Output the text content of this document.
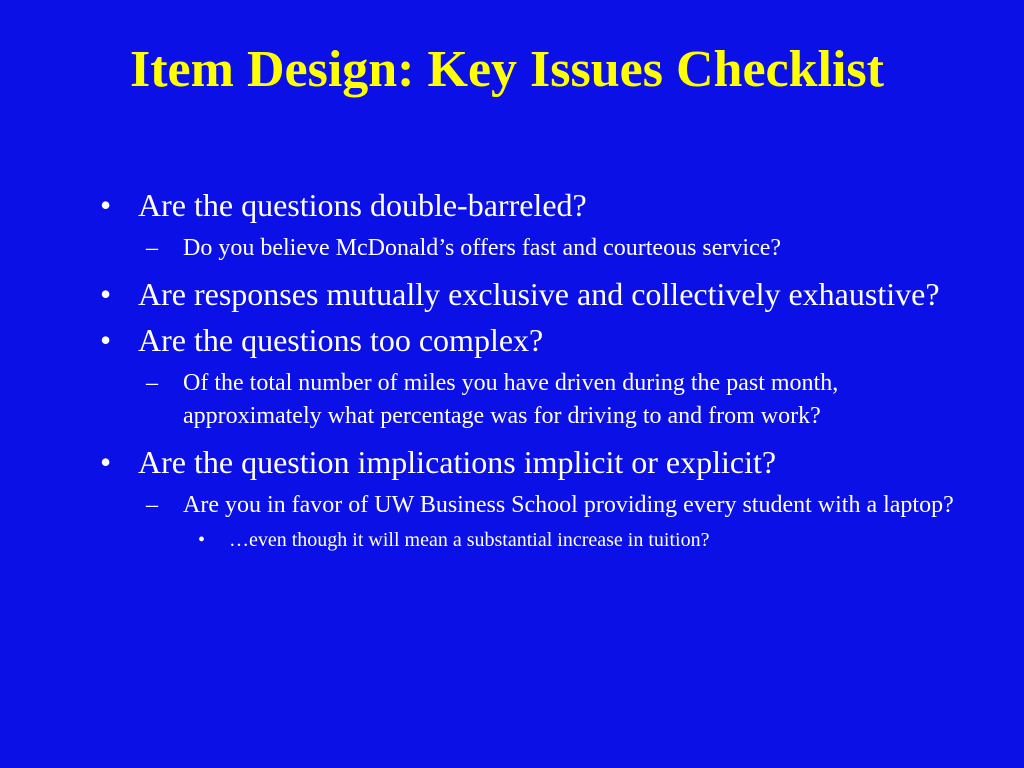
Item Design: Key Issues Checklist
• Are the questions double-barreled?
– Do you believe McDonald’s offers fast and courteous service?
• Are responses mutually exclusive and collectively exhaustive?
• Are the questions too complex?
– Of the total number of miles you have driven during the past month, approximately what percentage was for driving to and from work?
• Are the question implications implicit or explicit?
– Are you in favor of UW Business School providing every student with a laptop?
• …even though it will mean a substantial increase in tuition?
